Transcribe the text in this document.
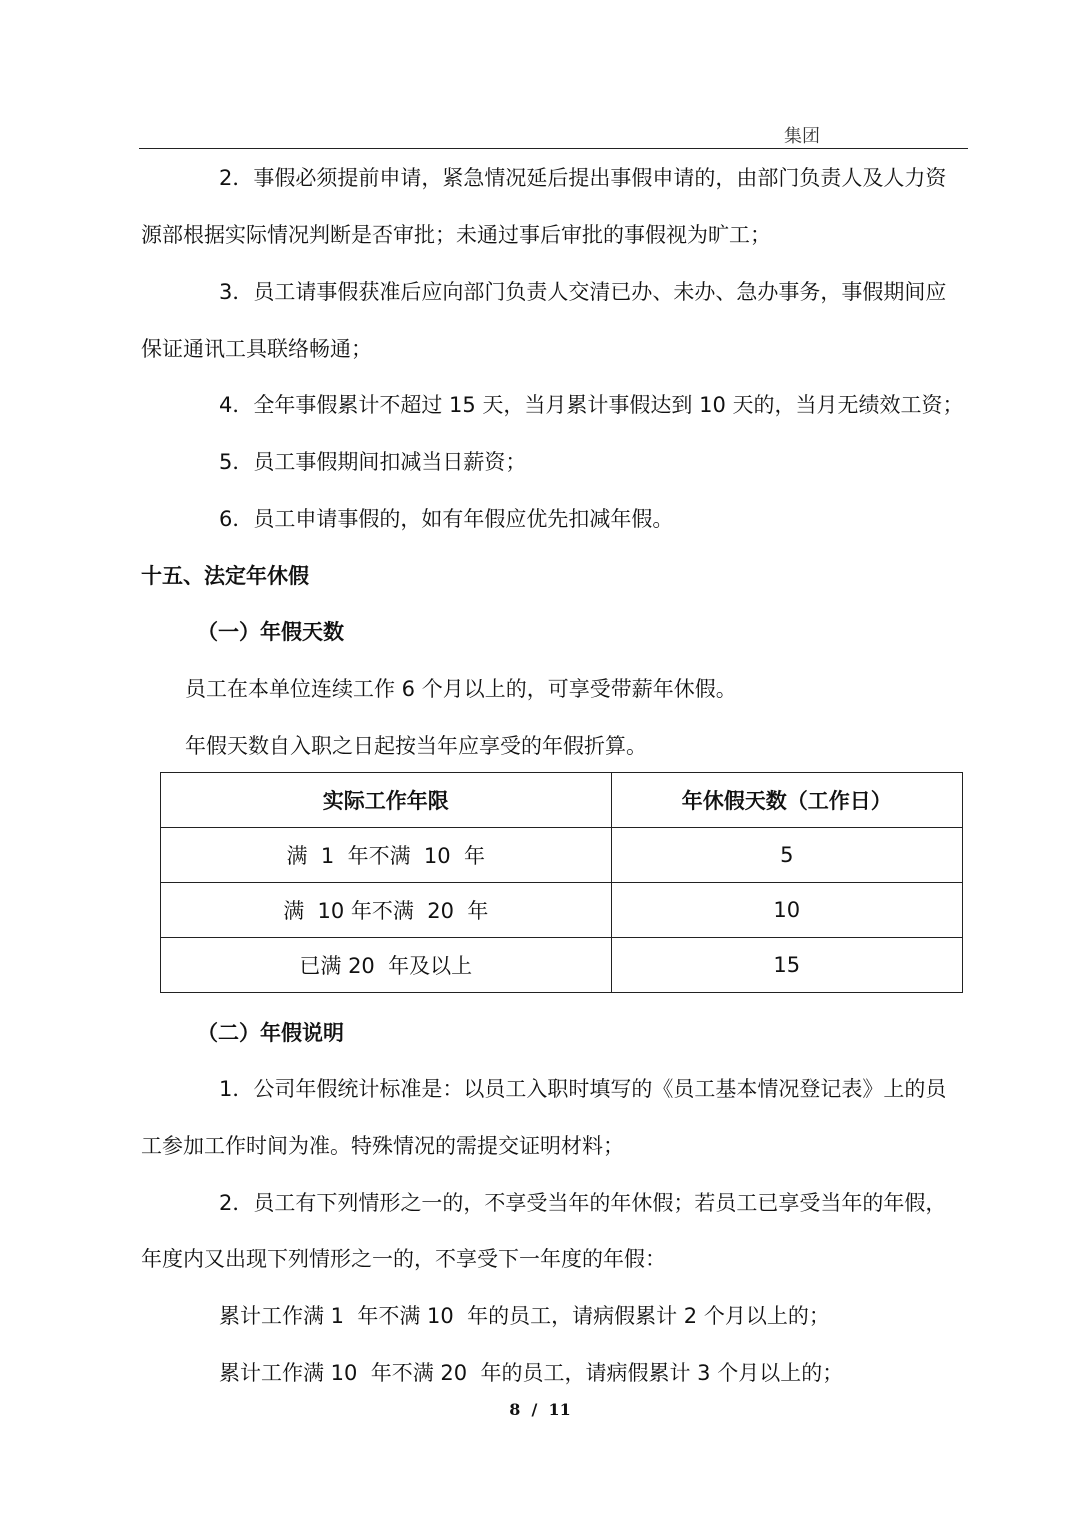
集团
2．事假必须提前申请，紧急情况延后提出事假申请的，由部门负责人及人力资
源部根据实际情况判断是否审批；未通过事后审批的事假视为旷工；
3．员工请事假获准后应向部门负责人交清已办、未办、急办事务，事假期间应
保证通讯工具联络畅通；
4．全年事假累计不超过 15 天，当月累计事假达到 10 天的，当月无绩效工资；
5．员工事假期间扣减当日薪资；
6．员工申请事假的，如有年假应优先扣减年假。
十五、法定年休假
（一）年假天数
员工在本单位连续工作 6 个月以上的，可享受带薪年休假。
年假天数自入职之日起按当年应享受的年假折算。
实际工作年限	年休假天数（工作日）
满  1  年不满  10  年	5
满  10 年不满  20  年	10
已满 20  年及以上	15
（二）年假说明
1．公司年假统计标准是：以员工入职时填写的《员工基本情况登记表》上的员
工参加工作时间为准。特殊情况的需提交证明材料；
2．员工有下列情形之一的，不享受当年的年休假；若员工已享受当年的年假，
年度内又出现下列情形之一的，不享受下一年度的年假：
累计工作满 1  年不满 10  年的员工，请病假累计 2 个月以上的；
累计工作满 10  年不满 20  年的员工，请病假累计 3 个月以上的；
8  /  11
